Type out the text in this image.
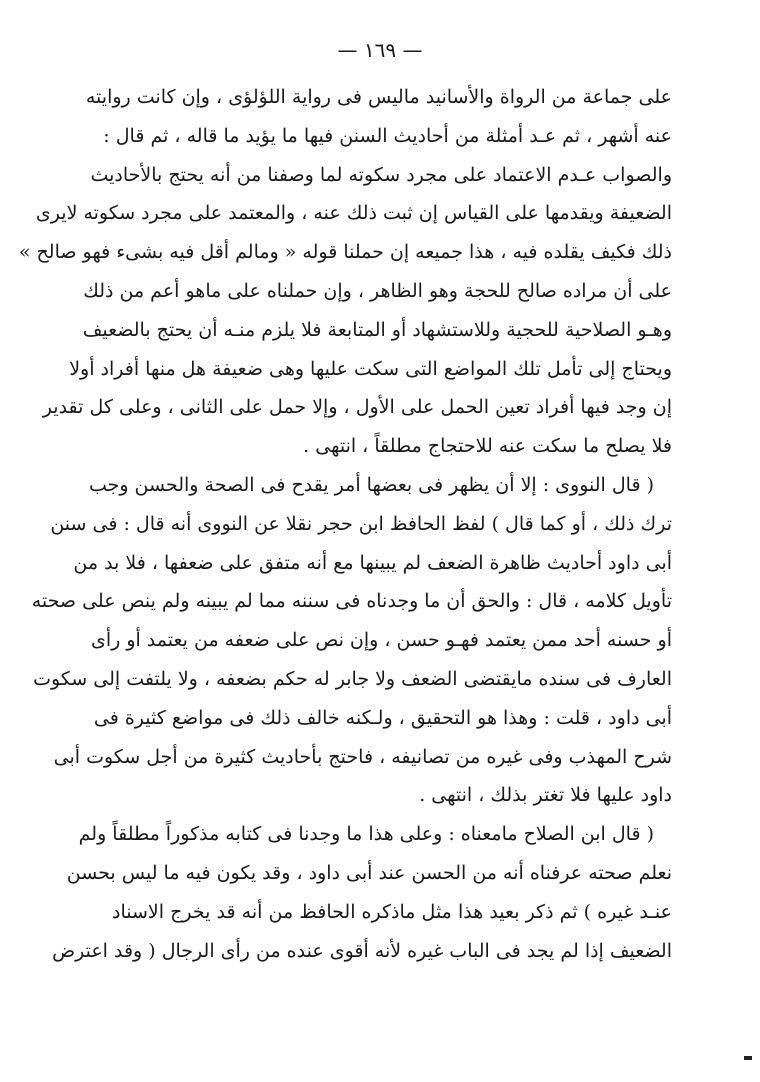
— ١٦٩ —
على جماعة من الرواة والأسانيد ماليس فى رواية اللؤلؤى ، وإن كانت روايته
عنه أشهر ، ثم عـد أمثلة من أحاديث السنن فيها ما يؤيد ما قاله ، ثم قال :
والصواب عـدم الاعتماد على مجرد سكوته لما وصفنا من أنه يحتج بالأحاديث
الضعيفة ويقدمها على القياس إن ثبت ذلك عنه ، والمعتمد على مجرد سكوته لايرى
ذلك فكيف يقلده فيه ، هذا جميعه إن حملنا قوله « ومالم أقل فيه بشىء فهو صالح »
على أن مراده صالح للحجة وهو الظاهر ، وإن حملناه على ماهو أعم من ذلك
وهـو الصلاحية للحجية وللاستشهاد أو المتابعة فلا يلزم منـه أن يحتج بالضعيف
ويحتاج إلى تأمل تلك المواضع التى سكت عليها وهى ضعيفة هل منها أفراد أولا
إن وجد فيها أفراد تعين الحمل على الأول ، وإلا حمل على الثانى ، وعلى كل تقدير
فلا يصلح ما سكت عنه للاحتجاج مطلقاً ، انتهى .
( قال النووى : إلا أن يظهر فى بعضها أمر يقدح فى الصحة والحسن وجب
ترك ذلك ، أو كما قال ) لفظ الحافظ ابن حجر نقلا عن النووى أنه قال : فى سنن
أبى داود أحاديث ظاهرة الضعف لم يبينها مع أنه متفق على ضعفها ، فلا بد من
تأويل كلامه ، قال : والحق أن ما وجدناه فى سننه مما لم يبينه ولم ينص على صحته
أو حسنه أحد ممن يعتمد فهـو حسن ، وإن نص على ضعفه من يعتمد أو رأى
العارف فى سنده مايقتضى الضعف ولا جابر له حكم بضعفه ، ولا يلتفت إلى سكوت
أبى داود ، قلت : وهذا هو التحقيق ، ولـكنه خالف ذلك فى مواضع كثيرة فى
شرح المهذب وفى غيره من تصانيفه ، فاحتج بأحاديث كثيرة من أجل سكوت أبى
داود عليها فلا تغتر بذلك ، انتهى .
( قال ابن الصلاح مامعناه : وعلى هذا ما وجدنا فى كتابه مذكوراً مطلقاً ولم
نعلم صحته عرفناه أنه من الحسن عند أبى داود ، وقد يكون فيه ما ليس بحسن
عنـد غيره ) ثم ذكر بعيد هذا مثل ماذكره الحافظ من أنه قد يخرج الاسناد
الضعيف إذا لم يجد فى الباب غيره لأنه أقوى عنده من رأى الرجال ( وقد اعترض
